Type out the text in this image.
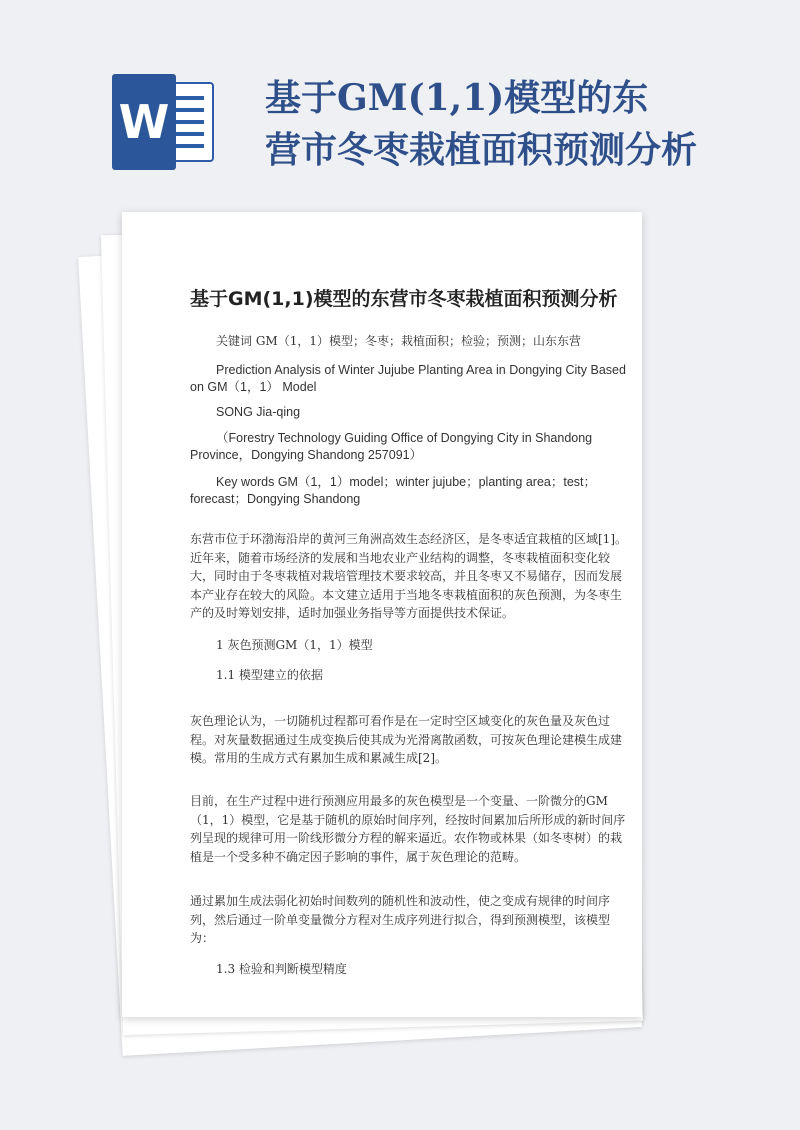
W	基于GM(1,1)模型的东
营市冬枣栽植面积预测分析
基于GM(1,1)模型的东营市冬枣栽植面积预测分析

关键词 GM（1，1）模型；冬枣；栽植面积；检验；预测；山东东营

Prediction Analysis of Winter Jujube Planting Area in Dongying City Based on GM（1，1） Model

SONG Jia-qing

（Forestry Technology Guiding Office of Dongying City in Shandong Province，Dongying Shandong 257091）

Key words GM（1，1）model；winter jujube；planting area；test；forecast；Dongying Shandong

东营市位于环渤海沿岸的黄河三角洲高效生态经济区，是冬枣适宜栽植的区域[1]。近年来，随着市场经济的发展和当地农业产业结构的调整，冬枣栽植面积变化较大，同时由于冬枣栽植对栽培管理技术要求较高，并且冬枣又不易储存，因而发展本产业存在较大的风险。本文建立适用于当地冬枣栽植面积的灰色预测，为冬枣生产的及时筹划安排，适时加强业务指导等方面提供技术保证。

1 灰色预测GM（1，1）模型

1.1 模型建立的依据

灰色理论认为，一切随机过程都可看作是在一定时空区域变化的灰色量及灰色过程。对灰量数据通过生成变换后使其成为光滑离散函数，可按灰色理论建模生成建模。常用的生成方式有累加生成和累减生成[2]。

目前，在生产过程中进行预测应用最多的灰色模型是一个变量、一阶微分的GM（1，1）模型，它是基于随机的原始时间序列，经按时间累加后所形成的新时间序列呈现的规律可用一阶线形微分方程的解来逼近。农作物或林果（如冬枣树）的栽植是一个受多种不确定因子影响的事件，属于灰色理论的范畴。

通过累加生成法弱化初始时间数列的随机性和波动性，使之变成有规律的时间序列，然后通过一阶单变量微分方程对生成序列进行拟合，得到预测模型，该模型为：

1.3 检验和判断模型精度
